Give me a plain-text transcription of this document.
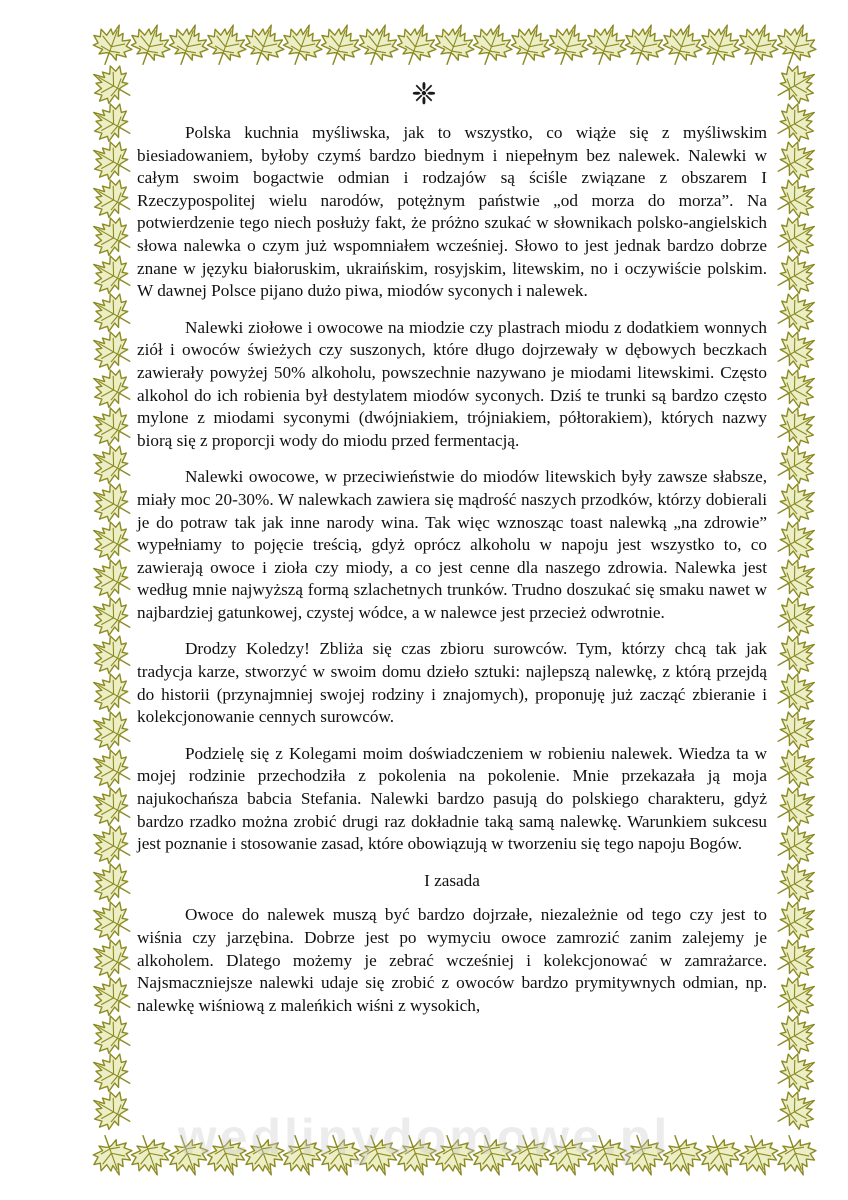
❈

Polska kuchnia myśliwska, jak to wszystko, co wiąże się z myśliwskim biesiadowaniem, byłoby czymś bardzo biednym i niepełnym bez nalewek. Nalewki w całym swoim bogactwie odmian i rodzajów są ściśle związane z obszarem I Rzeczypospolitej wielu narodów, potężnym państwie „od morza do morza”. Na potwierdzenie tego niech posłuży fakt, że próżno szukać w słownikach polsko-angielskich słowa nalewka o czym już wspomniałem wcześniej. Słowo to jest jednak bardzo dobrze znane w języku białoruskim, ukraińskim, rosyjskim, litewskim, no i oczywiście polskim. W dawnej Polsce pijano dużo piwa, miodów syconych i nalewek.

Nalewki ziołowe i owocowe na miodzie czy plastrach miodu z dodatkiem wonnych ziół i owoców świeżych czy suszonych, które długo dojrzewały w dębowych beczkach zawierały powyżej 50% alkoholu, powszechnie nazywano je miodami litewskimi. Często alkohol do ich robienia był destylatem miodów syconych. Dziś te trunki są bardzo często mylone z miodami syconymi (dwójniakiem, trójniakiem, półtorakiem), których nazwy biorą się z proporcji wody do miodu przed fermentacją.

Nalewki owocowe, w przeciwieństwie do miodów litewskich były zawsze słabsze, miały moc 20-30%. W nalewkach zawiera się mądrość naszych przodków, którzy dobierali je do potraw tak jak inne narody wina. Tak więc wznosząc toast nalewką „na zdrowie” wypełniamy to pojęcie treścią, gdyż oprócz alkoholu w napoju jest wszystko to, co zawierają owoce i zioła czy miody, a co jest cenne dla naszego zdrowia. Nalewka jest według mnie najwyższą formą szlachetnych trunków. Trudno doszukać się smaku nawet w najbardziej gatunkowej, czystej wódce, a w nalewce jest przecież odwrotnie.

Drodzy Koledzy! Zbliża się czas zbioru surowców. Tym, którzy chcą tak jak tradycja karze, stworzyć w swoim domu dzieło sztuki: najlepszą nalewkę, z którą przejdą do historii (przynajmniej swojej rodziny i znajomych), proponuję już zacząć zbieranie i kolekcjonowanie cennych surowców.

Podzielę się z Kolegami moim doświadczeniem w robieniu nalewek. Wiedza ta w mojej rodzinie przechodziła z pokolenia na pokolenie. Mnie przekazała ją moja najukochańsza babcia Stefania. Nalewki bardzo pasują do polskiego charakteru, gdyż bardzo rzadko można zrobić drugi raz dokładnie taką samą nalewkę. Warunkiem sukcesu jest poznanie i stosowanie zasad, które obowiązują w tworzeniu się tego napoju Bogów.

I zasada

Owoce do nalewek muszą być bardzo dojrzałe, niezależnie od tego czy jest to wiśnia czy jarzębina. Dobrze jest po wymyciu owoce zamrozić zanim zalejemy je alkoholem. Dlatego możemy je zebrać wcześniej i kolekcjonować w zamrażarce. Najsmaczniejsze nalewki udaje się zrobić z owoców bardzo prymitywnych odmian, np. nalewkę wiśniową z maleńkich wiśni z wysokich,

wedlinydomowe.pl
